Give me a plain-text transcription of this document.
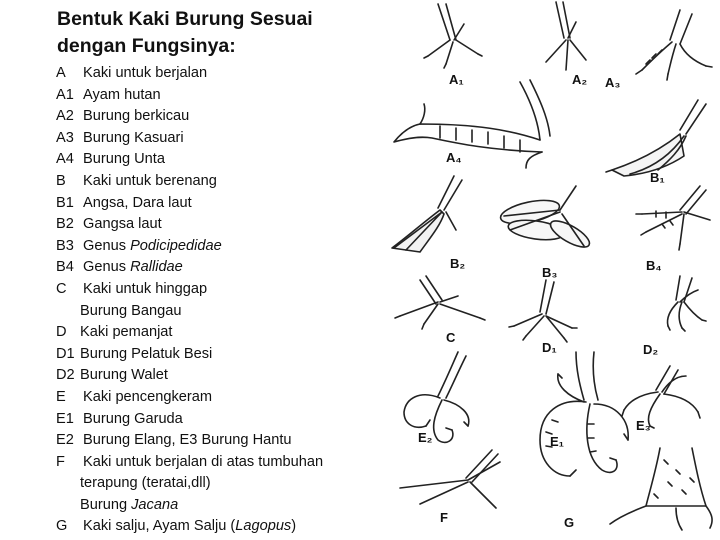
Bentuk Kaki Burung Sesuai
dengan Fungsinya:
A Kaki untuk berjalan
A1 Ayam hutan
A2 Burung berkicau
A3 Burung Kasuari
A4 Burung Unta
B Kaki untuk berenang
B1 Angsa, Dara laut
B2 Gangsa laut
B3 Genus Podicipedidae
B4 Genus Rallidae
C Kaki untuk hinggap
Burung Bangau
D Kaki pemanjat
D1 Burung Pelatuk Besi
D2 Burung Walet
E Kaki pencengkeram
E1 Burung Garuda
E2 Burung Elang, E3 Burung Hantu
F Kaki untuk berjalan di atas tumbuhan
terapung (teratai,dll)
Burung Jacana
G Kaki salju, Ayam Salju (Lagopus)
A₁	A₂ A₃
A₄
B₁
B₂
B₃	B₄
C
D₁	D₂
E₂	E₁
E₃
F	G
